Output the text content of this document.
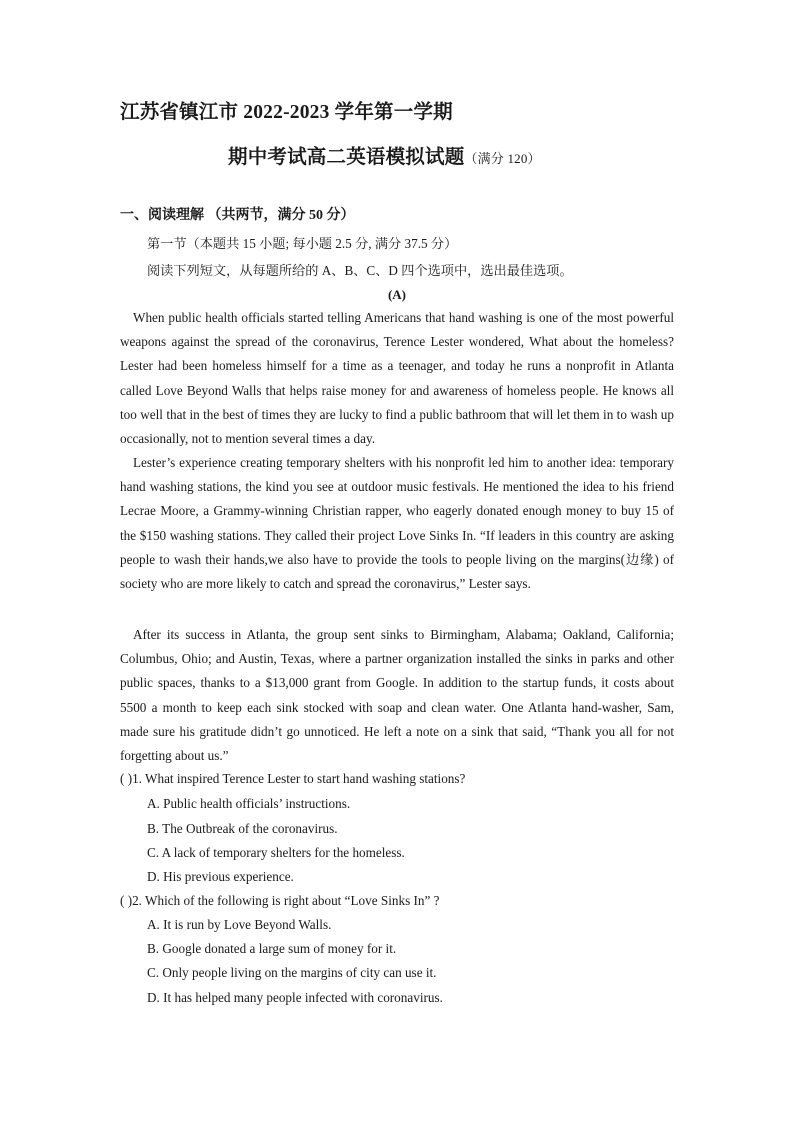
江苏省镇江市 2022-2023 学年第一学期
期中考试高二英语模拟试题（满分 120）
一、阅读理解 （共两节，满分 50 分）
第一节（本题共 15 小题; 每小题 2.5 分, 满分 37.5 分）
阅读下列短文，从每题所给的 A、B、C、D 四个选项中，选出最佳选项。
(A)
When public health officials started telling Americans that hand washing is one of the most powerful weapons against the spread of the coronavirus, Terence Lester wondered, What about the homeless? Lester had been homeless himself for a time as a teenager, and today he runs a nonprofit in Atlanta called Love Beyond Walls that helps raise money for and awareness of homeless people. He knows all too well that in the best of times they are lucky to find a public bathroom that will let them in to wash up occasionally, not to mention several times a day.
Lester’s experience creating temporary shelters with his nonprofit led him to another idea: temporary hand washing stations, the kind you see at outdoor music festivals. He mentioned the idea to his friend Lecrae Moore, a Grammy-winning Christian rapper, who eagerly donated enough money to buy 15 of the $150 washing stations. They called their project Love Sinks In. “If leaders in this country are asking people to wash their hands,we also have to provide the tools to people living on the margins(边缘) of society who are more likely to catch and spread the coronavirus,” Lester says.
After its success in Atlanta, the group sent sinks to Birmingham, Alabama; Oakland, California; Columbus, Ohio; and Austin, Texas, where a partner organization installed the sinks in parks and other public spaces, thanks to a $13,000 grant from Google. In addition to the startup funds, it costs about 5500 a month to keep each sink stocked with soap and clean water. One Atlanta hand-washer, Sam, made sure his gratitude didn’t go unnoticed. He left a note on a sink that said, “Thank you all for not forgetting about us.”
( )1. What inspired Terence Lester to start hand washing stations?
A. Public health officials’ instructions.
B. The Outbreak of the coronavirus.
C. A lack of temporary shelters for the homeless.
D. His previous experience.
( )2. Which of the following is right about “Love Sinks In” ?
A. It is run by Love Beyond Walls.
B. Google donated a large sum of money for it.
C. Only people living on the margins of city can use it.
D. It has helped many people infected with coronavirus.
